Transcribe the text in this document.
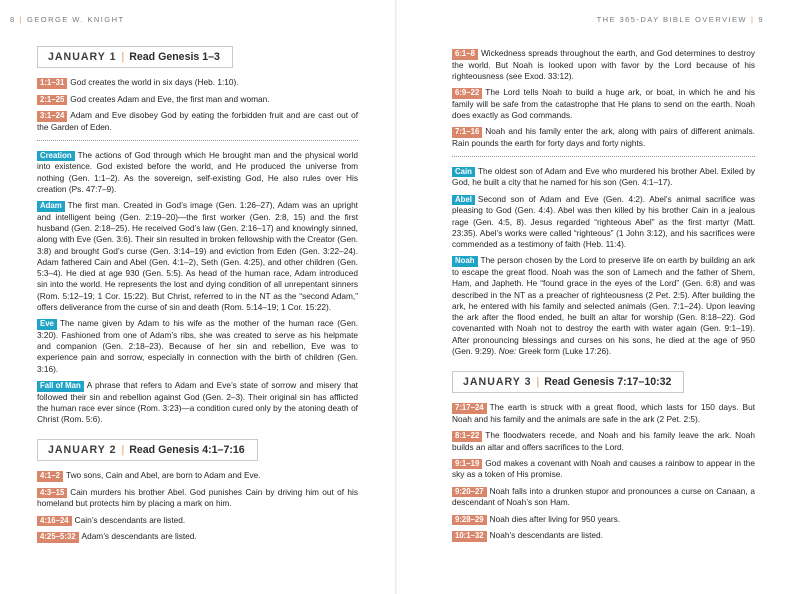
8 | GEORGE W. KNIGHT
JANUARY 1 | Read Genesis 1–3

1:1–31 God creates the world in six days (Heb. 1:10).

2:1–25 God creates Adam and Eve, the first man and woman.

3:1–24 Adam and Eve disobey God by eating the forbidden fruit and are cast out of the Garden of Eden.

Creation The actions of God through which He brought man and the physical world into existence. God existed before the world, and He produced the universe from nothing (Gen. 1:1–2). As the sovereign, self-existing God, He also rules over His creation (Ps. 47:7–9).

Adam The first man. Created in God’s image (Gen. 1:26–27), Adam was an upright and intelligent being (Gen. 2:19–20)—the first worker (Gen. 2:8, 15) and the first husband (Gen. 2:18–25). He received God’s law (Gen. 2:16–17) and knowingly sinned, along with Eve (Gen. 3:6). Their sin resulted in broken fellowship with the Creator (Gen. 3:8) and brought God’s curse (Gen. 3:14–19) and eviction from Eden (Gen. 3:22–24). Adam fathered Cain and Abel (Gen. 4:1–2), Seth (Gen. 4:25), and other children (Gen. 5:3–4). He died at age 930 (Gen. 5:5). As head of the human race, Adam introduced sin into the world. He represents the lost and dying condition of all unrepentant sinners (Rom. 5:12–19; 1 Cor. 15:22). But Christ, referred to in the NT as the “second Adam,” offers deliverance from the curse of sin and death (Rom. 5:14–19; 1 Cor. 15:22).

Eve The name given by Adam to his wife as the mother of the human race (Gen. 3:20). Fashioned from one of Adam’s ribs, she was created to serve as his helpmate and companion (Gen. 2:18–23). Because of her sin and rebellion, Eve was to experience pain and sorrow, especially in connection with the birth of children (Gen. 3:16).

Fall of Man A phrase that refers to Adam and Eve’s state of sorrow and misery that followed their sin and rebellion against God (Gen. 2–3). Their original sin has afflicted the human race ever since (Rom. 3:23)—a condition cured only by the atoning death of Christ (Rom. 5:6).

JANUARY 2 | Read Genesis 4:1–7:16

4:1–2 Two sons, Cain and Abel, are born to Adam and Eve.

4:3–15 Cain murders his brother Abel. God punishes Cain by driving him out of his homeland but protects him by placing a mark on him.

4:16–24 Cain’s descendants are listed.

4:25–5:32 Adam’s descendants are listed.

THE 365-DAY BIBLE OVERVIEW | 9

6:1–8 Wickedness spreads throughout the earth, and God determines to destroy the world. But Noah is looked upon with favor by the Lord because of his righteousness (see Exod. 33:12).

6:9–22 The Lord tells Noah to build a huge ark, or boat, in which he and his family will be safe from the catastrophe that He plans to send on the earth. Noah does exactly as God commands.

7:1–16 Noah and his family enter the ark, along with pairs of different animals. Rain pounds the earth for forty days and forty nights.

Cain The oldest son of Adam and Eve who murdered his brother Abel. Exiled by God, he built a city that he named for his son (Gen. 4:1–17).

Abel Second son of Adam and Eve (Gen. 4:2). Abel’s animal sacrifice was pleasing to God (Gen. 4:4). Abel was then killed by his brother Cain in a jealous rage (Gen. 4:5, 8). Jesus regarded “righteous Abel” as the first martyr (Matt. 23:35). Abel’s works were called “righteous” (1 John 3:12), and his sacrifices were commended as a testimony of faith (Heb. 11:4).

Noah The person chosen by the Lord to preserve life on earth by building an ark to escape the great flood. Noah was the son of Lamech and the father of Shem, Ham, and Japheth. He “found grace in the eyes of the Lord” (Gen. 6:8) and was described in the NT as a preacher of righteousness (2 Pet. 2:5). After building the ark, he entered with his family and selected animals (Gen. 7:1–24). Upon leaving the ark after the flood ended, he built an altar for worship (Gen. 8:18–22). God covenanted with Noah not to destroy the earth with water again (Gen. 9:1–19). After pronouncing blessings and curses on his sons, he died at the age of 950 (Gen. 9:29). Noe: Greek form (Luke 17:26).

JANUARY 3 | Read Genesis 7:17–10:32

7:17–24 The earth is struck with a great flood, which lasts for 150 days. But Noah and his family and the animals are safe in the ark (2 Pet. 2:5).

8:1–22 The floodwaters recede, and Noah and his family leave the ark. Noah builds an altar and offers sacrifices to the Lord.

9:1–19 God makes a covenant with Noah and causes a rainbow to appear in the sky as a token of His promise.

9:20–27 Noah falls into a drunken stupor and pronounces a curse on Canaan, a descendant of Noah’s son Ham.

9:28–29 Noah dies after living for 950 years.

10:1–32 Noah’s descendants are listed.
